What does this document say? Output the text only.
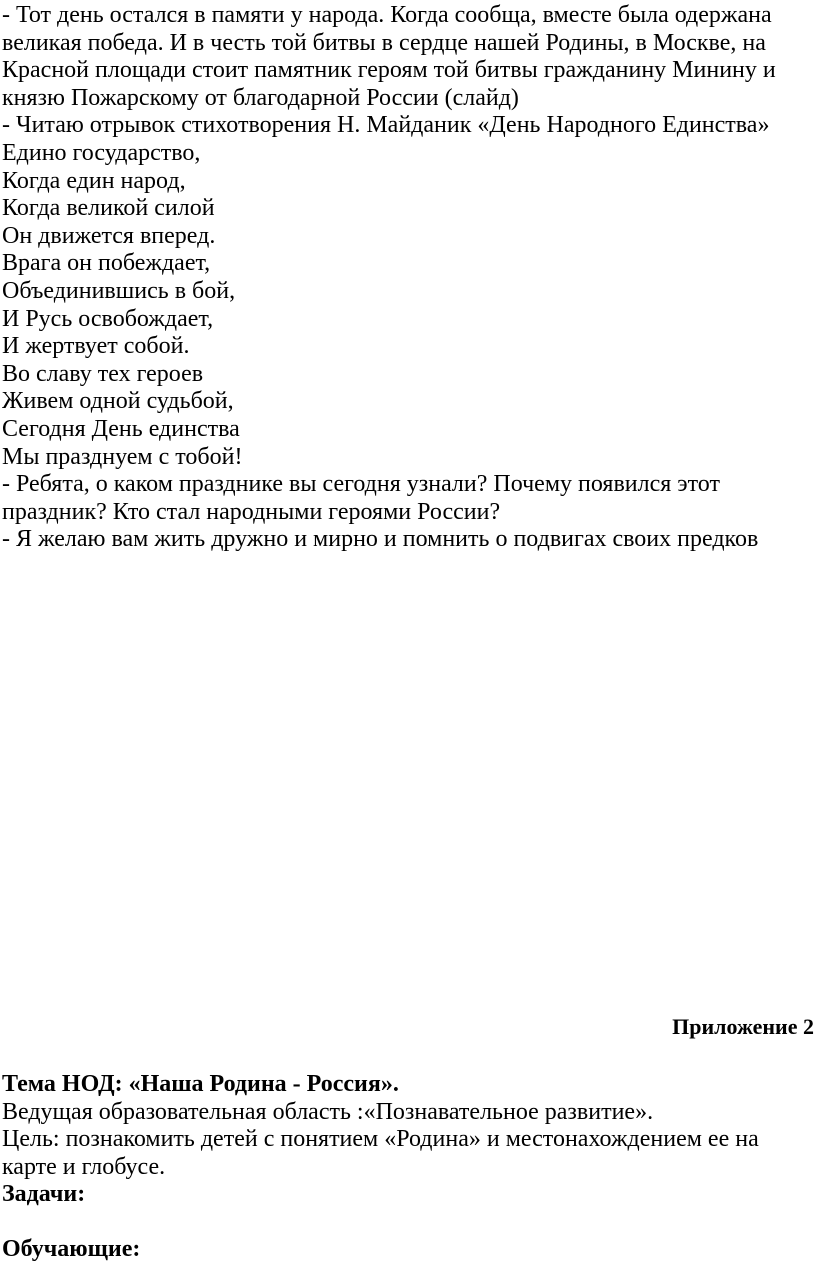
- Тот день остался в памяти у народа. Когда сообща, вместе была одержана
великая победа. И в честь той битвы в сердце нашей Родины, в Москве, на
Красной площади стоит памятник героям той битвы гражданину Минину и
князю Пожарскому от благодарной России (слайд)
- Читаю отрывок стихотворения Н. Майданик «День Народного Единства»
Едино государство,
Когда един народ,
Когда великой силой
Он движется вперед.
Врага он побеждает,
Объединившись в бой,
И Русь освобождает,
И жертвует собой.
Во славу тех героев
Живем одной судьбой,
Сегодня День единства
Мы празднуем с тобой!
- Ребята, о каком празднике вы сегодня узнали? Почему появился этот
праздник? Кто стал народными героями России?
- Я желаю вам жить дружно и мирно и помнить о подвигах своих предков
Приложение 2
Тема НОД: «Наша Родина - Россия».
Ведущая образовательная область :«Познавательное развитие».
Цель: познакомить детей с понятием «Родина» и местонахождением ее на
карте и глобусе.
Задачи:
Обучающие:
